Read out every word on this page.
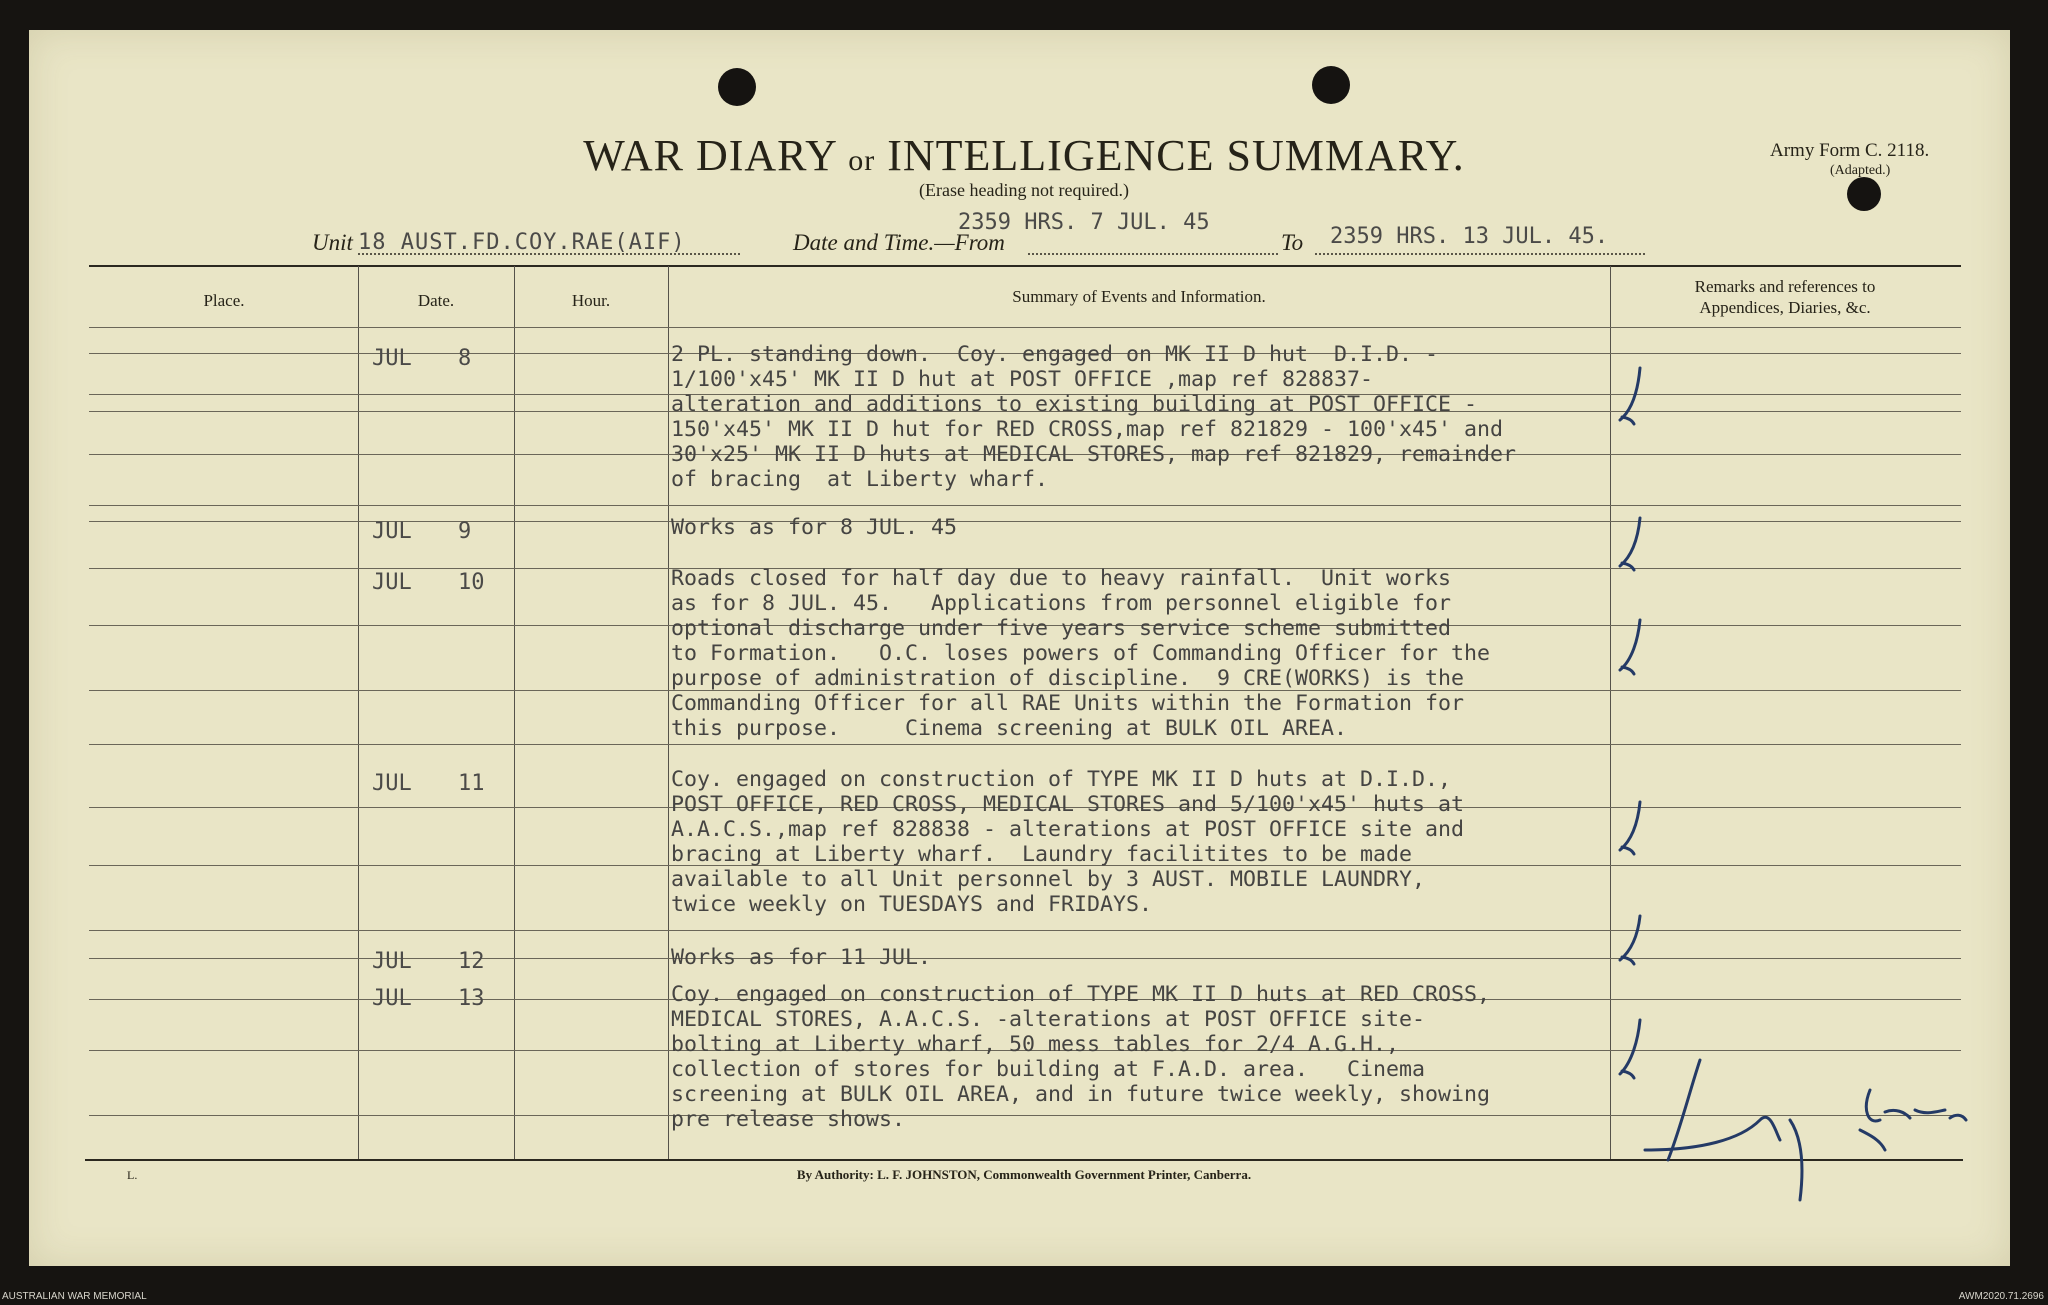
WAR DIARY or INTELLIGENCE SUMMARY.
(Erase heading not required.)
Army Form C. 2118.
(Adapted.)
Unit 18 AUST.FD.COY.RAE(AIF)	Date and Time.—From
2359 HRS. 7 JUL. 45
To 2359 HRS. 13 JUL. 45.
Place.	Date.	Hour.	Summary of Events and Information.
Remarks and references to
Appendices, Diaries, &c.
JUL 8	2 PL. standing down.  Coy. engaged on MK II D hut  D.I.D. -
1/100'x45' MK II D hut at POST OFFICE ,map ref 828837-
alteration and additions to existing building at POST OFFICE -
150'x45' MK II D hut for RED CROSS,map ref 821829 - 100'x45' and
30'x25' MK II D huts at MEDICAL STORES, map ref 821829, remainder
of bracing  at Liberty wharf.
JUL 9	Works as for 8 JUL. 45
JUL 10	Roads closed for half day due to heavy rainfall.  Unit works
as for 8 JUL. 45.   Applications from personnel eligible for
optional discharge under five years service scheme submitted
to Formation.   O.C. loses powers of Commanding Officer for the
purpose of administration of discipline.  9 CRE(WORKS) is the
Commanding Officer for all RAE Units within the Formation for
this purpose.     Cinema screening at BULK OIL AREA.
JUL 11	Coy. engaged on construction of TYPE MK II D huts at D.I.D.,
POST OFFICE, RED CROSS, MEDICAL STORES and 5/100'x45' huts at
A.A.C.S.,map ref 828838 - alterations at POST OFFICE site and
bracing at Liberty wharf.  Laundry facilitites to be made
available to all Unit personnel by 3 AUST. MOBILE LAUNDRY,
twice weekly on TUESDAYS and FRIDAYS.
JUL 12	Works as for 11 JUL.
JUL 13	Coy. engaged on construction of TYPE MK II D huts at RED CROSS,
MEDICAL STORES, A.A.C.S. -alterations at POST OFFICE site-
bolting at Liberty wharf, 50 mess tables for 2/4 A.G.H.,
collection of stores for building at F.A.D. area.   Cinema
screening at BULK OIL AREA, and in future twice weekly, showing
pre release shows.
L.	By Authority: L. F. JOHNSTON, Commonwealth Government Printer, Canberra.
AUSTRALIAN WAR MEMORIAL	AWM2020.71.2696
